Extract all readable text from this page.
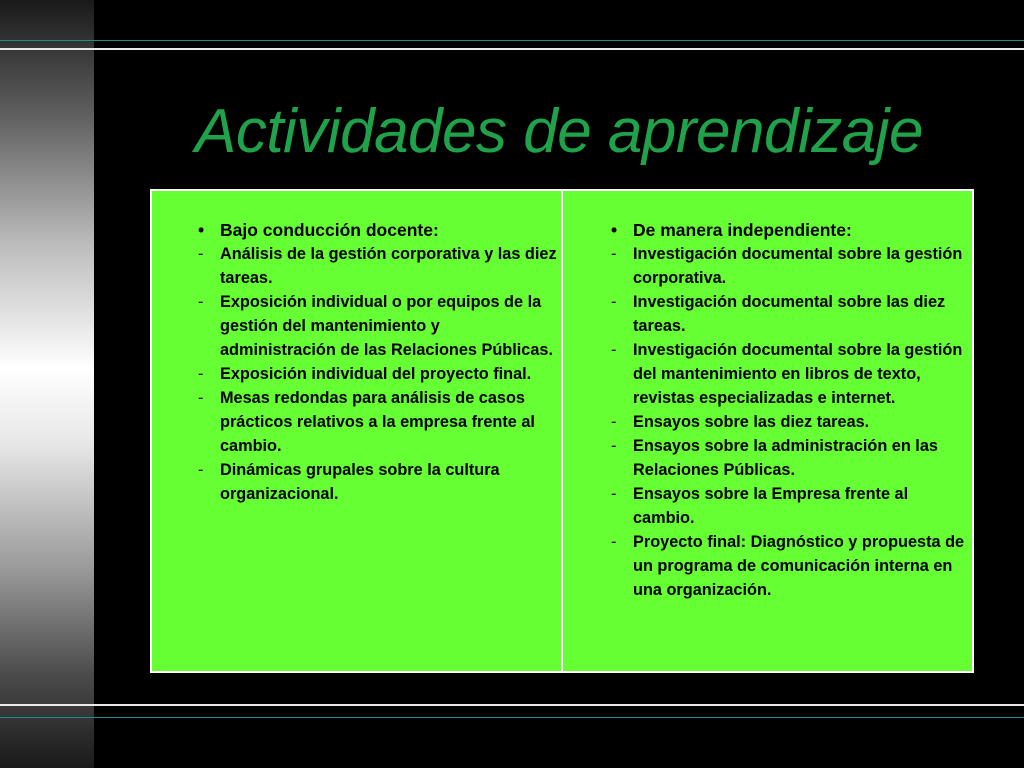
Actividades de aprendizaje
• Bajo conducción docente:
-	Análisis de la gestión corporativa y las diez tareas.
-	Exposición individual o por equipos de la gestión del mantenimiento y administración de las Relaciones Públicas.
-	Exposición individual del proyecto final.
-	Mesas redondas para análisis de casos prácticos relativos a la empresa frente al cambio.
-	Dinámicas grupales sobre la cultura organizacional.
• De manera independiente:
-	Investigación documental sobre la gestión corporativa.
-	Investigación documental sobre las diez tareas.
-	Investigación documental sobre la gestión del mantenimiento en libros de texto, revistas especializadas e internet.
-	Ensayos sobre las diez tareas.
-	Ensayos sobre la administración en las Relaciones Públicas.
-	Ensayos sobre la Empresa frente al cambio.
-	Proyecto final: Diagnóstico y propuesta de un programa de comunicación interna en una organización.
